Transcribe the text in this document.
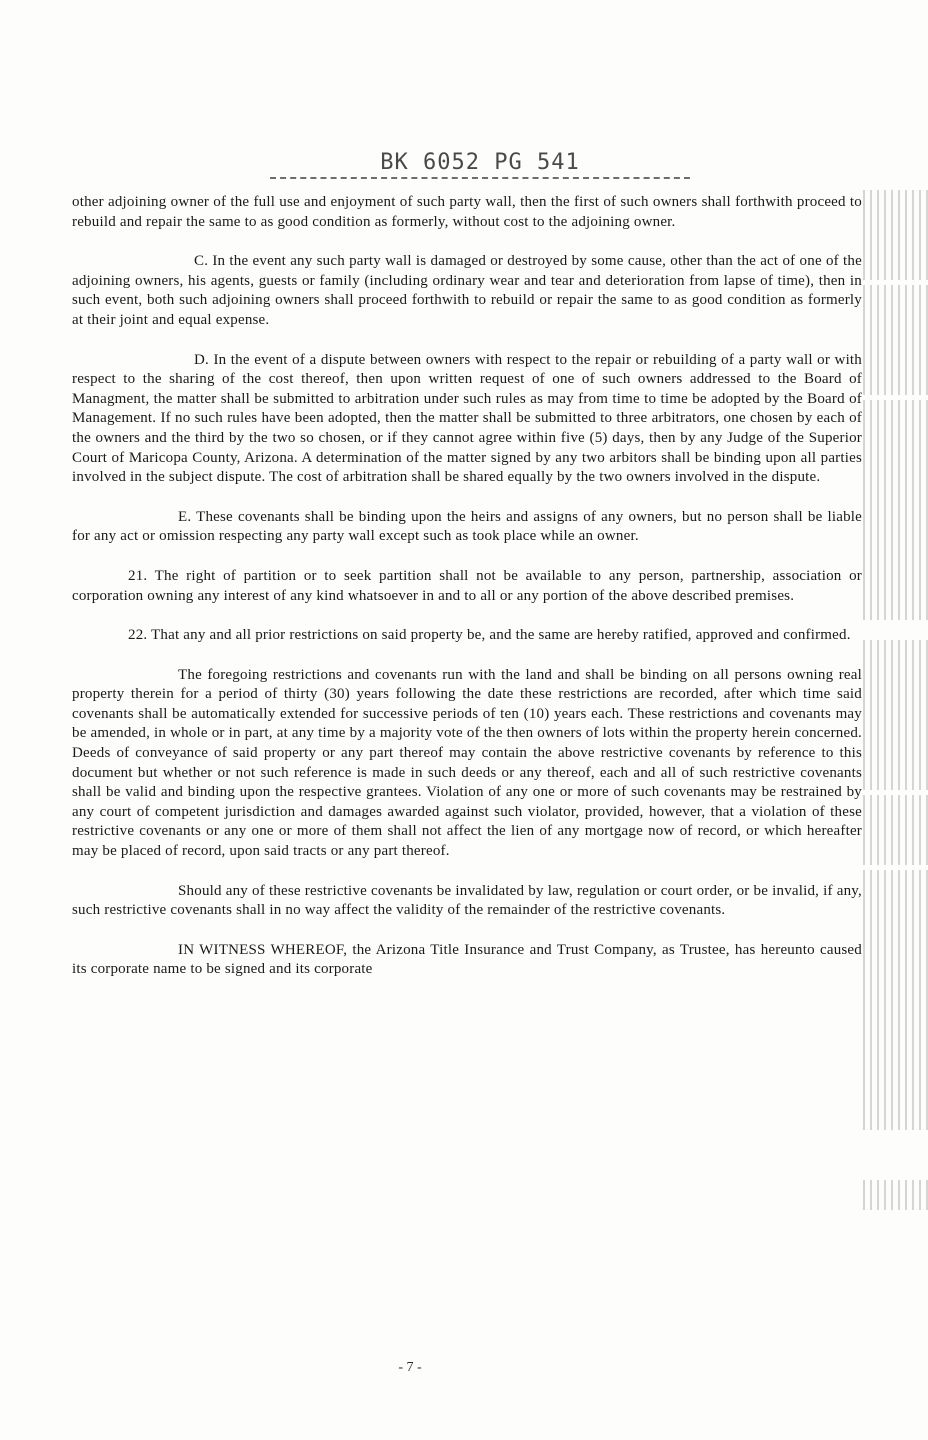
BK 6052 PG 541

other adjoining owner of the full use and enjoyment of such party wall, then the first of such owners shall forthwith proceed to rebuild and repair the same to as good condition as formerly, without cost to the adjoining owner.

C. In the event any such party wall is damaged or destroyed by some cause, other than the act of one of the adjoining owners, his agents, guests or family (including ordinary wear and tear and deterioration from lapse of time), then in such event, both such adjoining owners shall proceed forthwith to rebuild or repair the same to as good condition as formerly at their joint and equal expense.

D. In the event of a dispute between owners with respect to the repair or rebuilding of a party wall or with respect to the sharing of the cost thereof, then upon written request of one of such owners addressed to the Board of Managment, the matter shall be submitted to arbitration under such rules as may from time to time be adopted by the Board of Management. If no such rules have been adopted, then the matter shall be submitted to three arbitrators, one chosen by each of the owners and the third by the two so chosen, or if they cannot agree within five (5) days, then by any Judge of the Superior Court of Maricopa County, Arizona. A determination of the matter signed by any two arbitors shall be binding upon all parties involved in the subject dispute. The cost of arbitration shall be shared equally by the two owners involved in the dispute.

E. These covenants shall be binding upon the heirs and assigns of any owners, but no person shall be liable for any act or omission respecting any party wall except such as took place while an owner.

21. The right of partition or to seek partition shall not be available to any person, partnership, association or corporation owning any interest of any kind whatsoever in and to all or any portion of the above described premises.

22. That any and all prior restrictions on said property be, and the same are hereby ratified, approved and confirmed.

The foregoing restrictions and covenants run with the land and shall be binding on all persons owning real property therein for a period of thirty (30) years following the date these restrictions are recorded, after which time said covenants shall be automatically extended for successive periods of ten (10) years each. These restrictions and covenants may be amended, in whole or in part, at any time by a majority vote of the then owners of lots within the property herein concerned. Deeds of conveyance of said property or any part thereof may contain the above restrictive covenants by reference to this document but whether or not such reference is made in such deeds or any thereof, each and all of such restrictive covenants shall be valid and binding upon the respective grantees. Violation of any one or more of such covenants may be restrained by any court of competent jurisdiction and damages awarded against such violator, provided, however, that a violation of these restrictive covenants or any one or more of them shall not affect the lien of any mortgage now of record, or which hereafter may be placed of record, upon said tracts or any part thereof.

Should any of these restrictive covenants be invalidated by law, regulation or court order, or be invalid, if any, such restrictive covenants shall in no way affect the validity of the remainder of the restrictive covenants.

IN WITNESS WHEREOF, the Arizona Title Insurance and Trust Company, as Trustee, has hereunto caused its corporate name to be signed and its corporate

- 7 -
